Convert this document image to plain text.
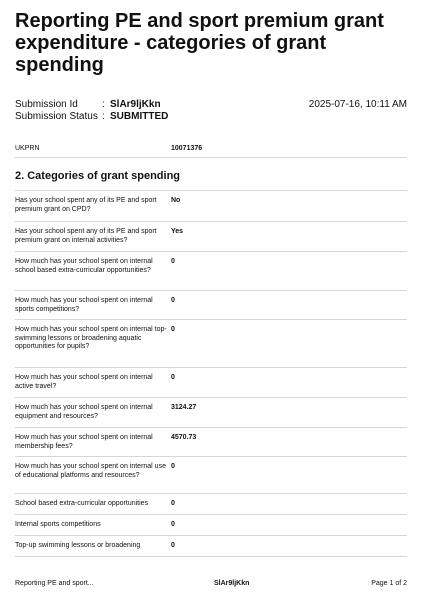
Reporting PE and sport premium grant expenditure - categories of grant spending
Submission Id	: SlAr9ljKkn
Submission Status : SUBMITTED
2025-07-16, 10:11 AM
UKPRN	10071376
2. Categories of grant spending
Has your school spent any of its PE and sport premium grant on CPD?
No
Has your school spent any of its PE and sport premium grant on internal activities?
Yes
How much has your school spent on internal school based extra-curricular opportunities?
0
How much has your school spent on internal sports competitions?
0
How much has your school spent on internal top-swimming lessons or broadening aquatic opportunities for pupils?
0
How much has your school spent on internal active travel?
0
How much has your school spent on internal equipment and resources?
3124.27
How much has your school spent on internal membership fees?
4570.73
How much has your school spent on internal use of educational platforms and resources?
0
School based extra-curricular opportunities	0
Internal sports competitions	0
Top-up swimming lessons or broadening	0
Reporting PE and sport...	SlAr9ljKkn	Page 1 of 2
